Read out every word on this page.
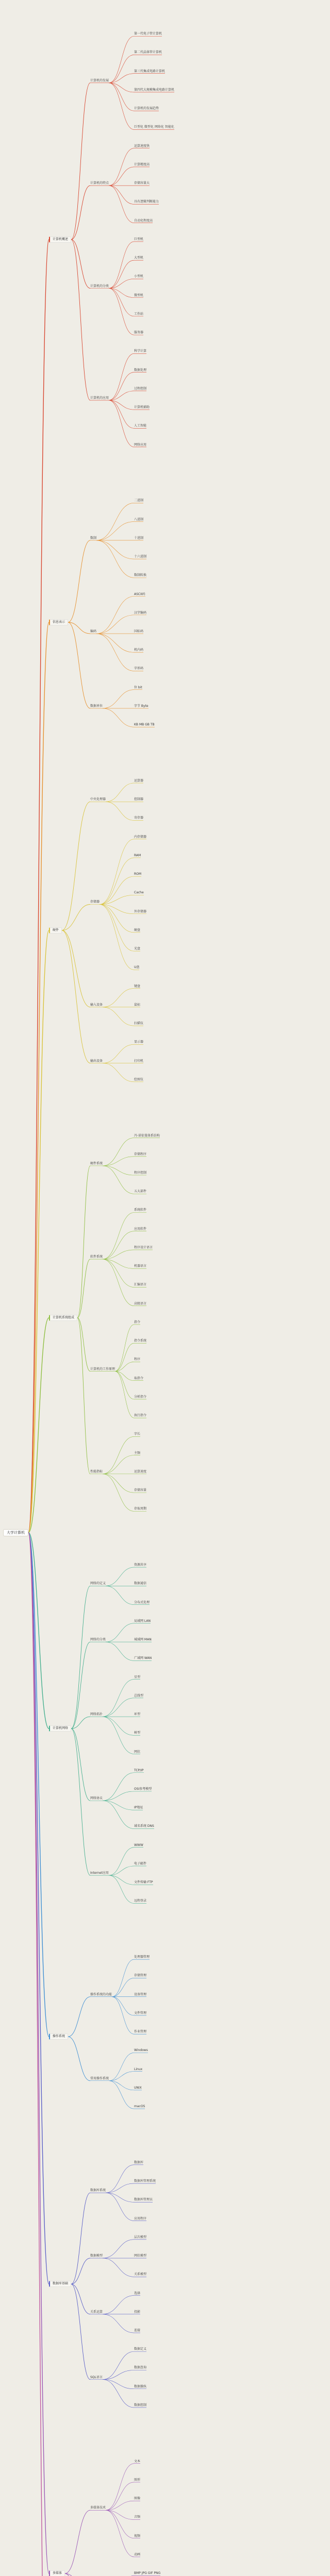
第一代电子管计算机
第二代晶体管计算机
第三代集成电路计算机
第四代大规模集成电路计算机
计算机的发展趋势
巨型化 微型化 网络化 智能化
计算机的发展
运算速度快
计算精度高
存储容量大
具有逻辑判断能力
自动化程度高
计算机的特点
巨型机
大型机
小型机
微型机
工作站
服务器
计算机的分类
科学计算
数据处理
过程控制
计算机辅助
人工智能
网络应用
计算机的应用
计算机概述
二进制
八进制
十进制
十六进制
数制转换
数制
ASCII码
汉字编码
国标码
机内码
字形码
编码
位 bit
字节 Byte
KB MB GB TB
数据单位
信息表示
运算器
控制器
寄存器
中央处理器
内存储器
RAM
ROM
Cache
外存储器
硬盘
光盘
U盘
存储器
键盘
鼠标
扫描仪
输入设备
显示器
打印机
绘图仪
输出设备
硬件
冯·诺依曼体系结构
存储程序
程序控制
五大部件
硬件系统
系统软件
应用软件
程序设计语言
机器语言
汇编语言
高级语言
软件系统
指令
指令系统
程序
取指令
分析指令
执行指令
计算机的工作原理
字长
主频
运算速度
存储容量
存取周期
性能指标
计算机系统组成
资源共享
数据通信
分布式处理
网络的定义
局域网 LAN
城域网 MAN
广域网 WAN
网络的分类
星型
总线型
环型
树型
网状
网络拓扑
TCP/IP
OSI参考模型
IP地址
域名系统 DNS
网络协议
WWW
电子邮件
文件传输 FTP
远程登录
Internet应用
计算机网络
处理器管理
存储管理
设备管理
文件管理
作业管理
操作系统的功能
Windows
Linux
UNIX
macOS
常用操作系统
操作系统
数据库
数据库管理系统
数据库管理员
应用程序
数据库系统
层次模型
网状模型
关系模型
数据模型
选择
投影
连接
关系运算
数据定义
数据查询
数据操纵
数据控制
SQL语言
数据库基础
文本
图形
图像
音频
视频
动画
多媒体技术
BMP JPG GIF PNG
多媒体
大学计算机
